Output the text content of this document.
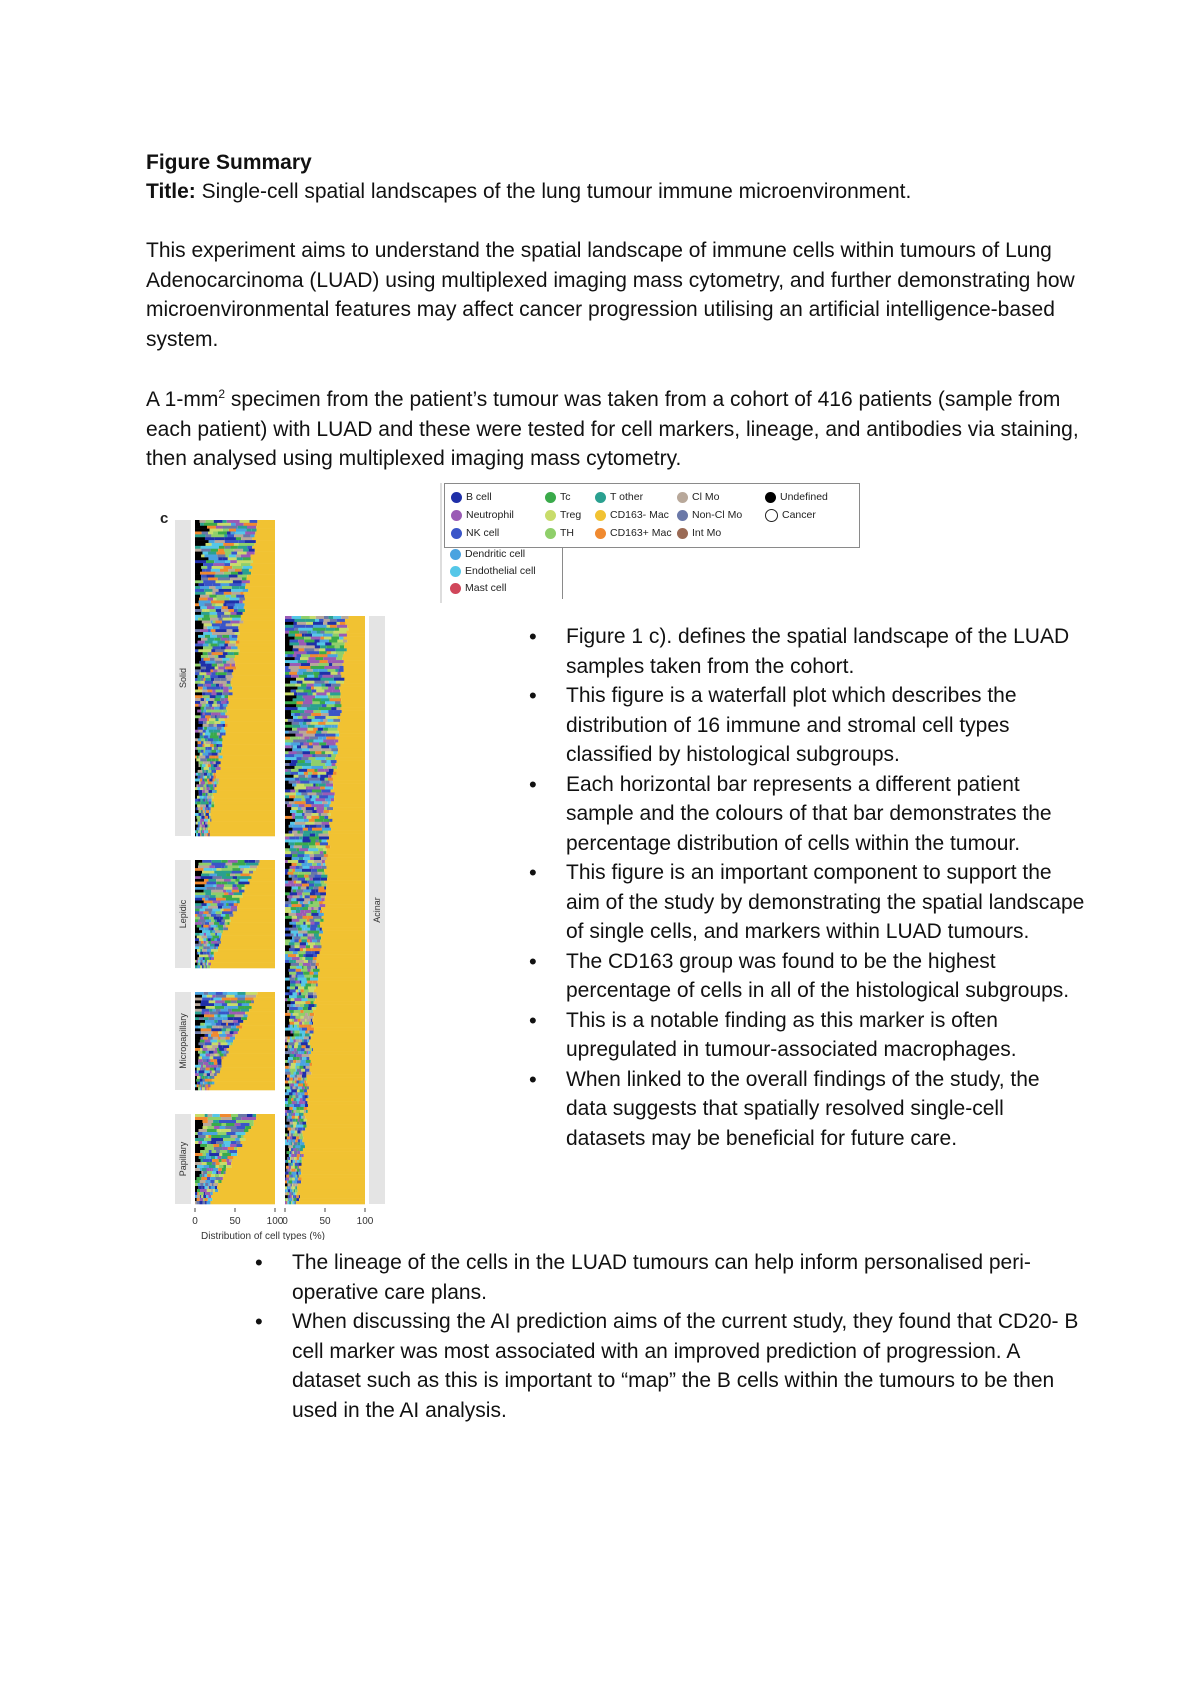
Figure Summary

Title: Single-cell spatial landscapes of the lung tumour immune microenvironment.

This experiment aims to understand the spatial landscape of immune cells within tumours of Lung Adenocarcinoma (LUAD) using multiplexed imaging mass cytometry, and further demonstrating how microenvironmental features may affect cancer progression utilising an artificial intelligence-based system.

A $1-mm^2$ specimen from the patient’s tumour was taken from a cohort of 416 patients (sample from each patient) with LUAD and these were tested for cell markers, lineage, and antibodies via staining, then analysed using multiplexed imaging mass cytometry.

B cell
Neutrophil
NK cell
Tc
Treg
TH
T other
CD163- Mac
CD163+ Mac
Cl Mo
Non-Cl Mo
Int Mo
Undefined
Cancer
Dendritic cell
Endothelial cell
Mast cell
c
Solid
Lepidic
Micropapillary
Papillary
Acinar
0	50	100
0	50	100
Distribution of cell types (%)
• Figure 1 c). defines the spatial landscape of the LUAD samples taken from the cohort.
• This figure is a waterfall plot which describes the distribution of 16 immune and stromal cell types classified by histological subgroups.
• Each horizontal bar represents a different patient sample and the colours of that bar demonstrates the percentage distribution of cells within the tumour.
• This figure is an important component to support the aim of the study by demonstrating the spatial landscape of single cells, and markers within LUAD tumours.
• The CD163 group was found to be the highest percentage of cells in all of the histological subgroups.
• This is a notable finding as this marker is often upregulated in tumour-associated macrophages.
• When linked to the overall findings of the study, the data suggests that spatially resolved single-cell datasets may be beneficial for future care.
• The lineage of the cells in the LUAD tumours can help inform personalised peri-operative care plans.
• When discussing the AI prediction aims of the current study, they found that CD20- B cell marker was most associated with an improved prediction of progression. A dataset such as this is important to “map” the B cells within the tumours to be then used in the AI analysis.
